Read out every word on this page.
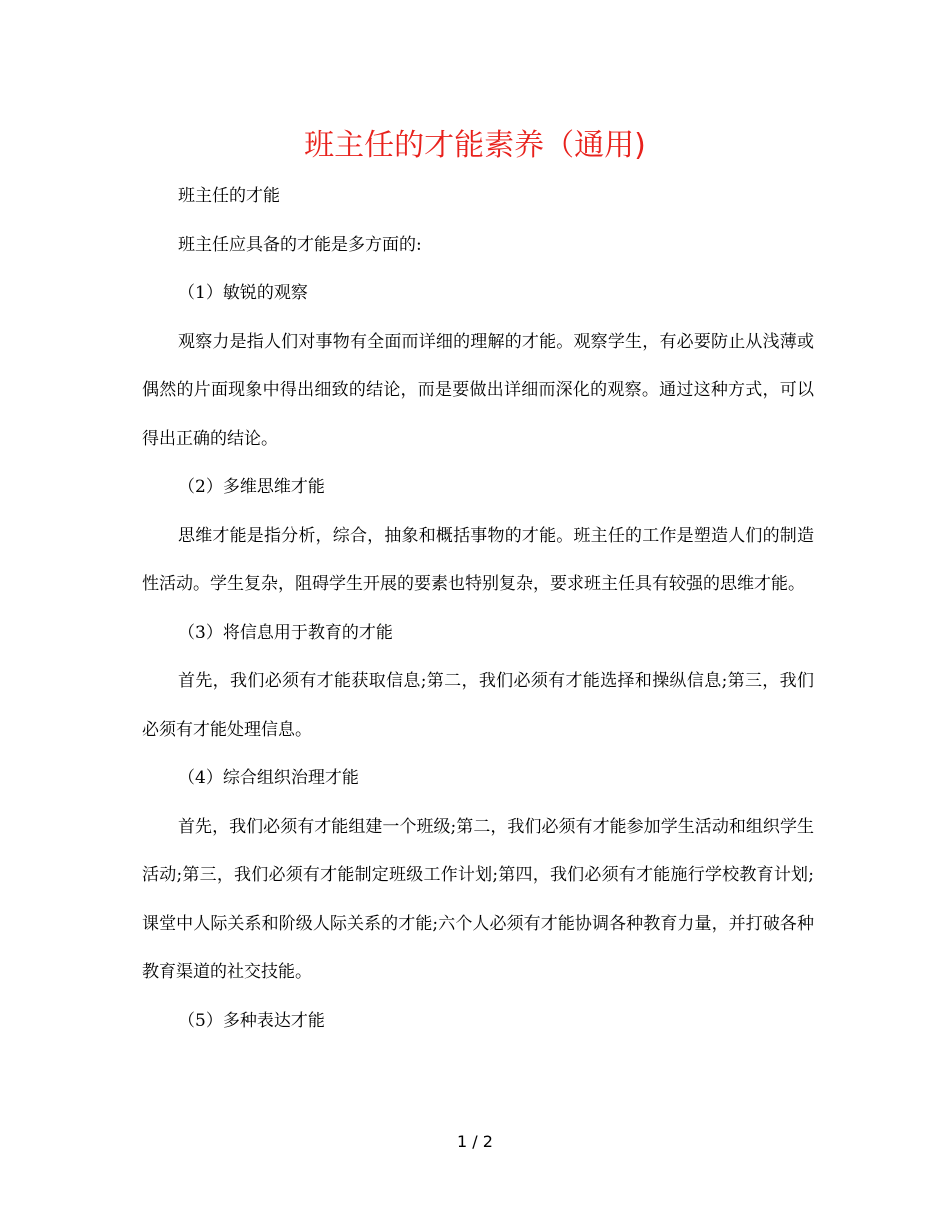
班主任的才能素养（通用)

班主任的才能

班主任应具备的才能是多方面的:

（1）敏锐的观察

观察力是指人们对事物有全面而详细的理解的才能。观察学生，有必要防止从浅薄或偶然的片面现象中得出细致的结论，而是要做出详细而深化的观察。通过这种方式，可以得出正确的结论。

（2）多维思维才能

思维才能是指分析，综合，抽象和概括事物的才能。班主任的工作是塑造人们的制造性活动。学生复杂，阻碍学生开展的要素也特别复杂，要求班主任具有较强的思维才能。

（3）将信息用于教育的才能

首先，我们必须有才能获取信息;第二，我们必须有才能选择和操纵信息;第三，我们必须有才能处理信息。

（4）综合组织治理才能

首先，我们必须有才能组建一个班级;第二，我们必须有才能参加学生活动和组织学生活动;第三，我们必须有才能制定班级工作计划;第四，我们必须有才能施行学校教育计划;课堂中人际关系和阶级人际关系的才能;六个人必须有才能协调各种教育力量，并打破各种教育渠道的社交技能。

（5）多种表达才能

1 / 2
